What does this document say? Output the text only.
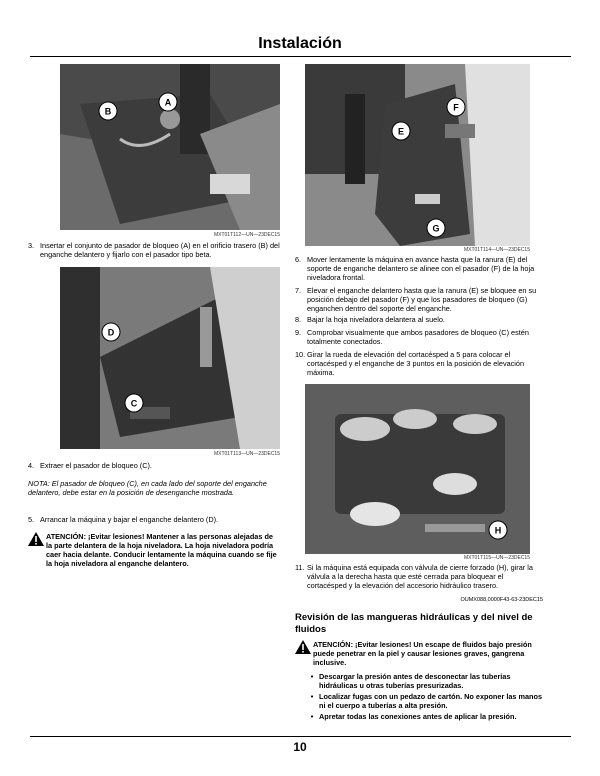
Instalación
B
A
MXT01T112—UN—23DEC15
3. Insertar el conjunto de pasador de bloqueo (A) en el orificio trasero (B) del enganche delantero y fijarlo con el pasador tipo beta.
D
C
MXT01T113—UN—23DEC15
4. Extraer el pasador de bloqueo (C).
NOTA: El pasador de bloqueo (C), en cada lado del soporte del enganche delantero, debe estar en la posición de desenganche mostrada.
5. Arrancar la máquina y bajar el enganche delantero (D).
ATENCIÓN: ¡Evitar lesiones! Mantener a las personas alejadas de la parte delantera de la hoja niveladora. La hoja niveladora podría caer hacia delante. Conducir lentamente la máquina cuando se fije la hoja niveladora al enganche delantero.
F
E
G
MXT01T114—UN—23DEC15
6. Mover lentamente la máquina en avance hasta que la ranura (E) del soporte de enganche delantero se alinee con el pasador (F) de la hoja niveladora frontal.
7. Elevar el enganche delantero hasta que la ranura (E) se bloquee en su posición debajo del pasador (F) y que los pasadores de bloqueo (G) enganchen dentro del soporte del enganche.
8. Bajar la hoja niveladora delantera al suelo.
9. Comprobar visualmente que ambos pasadores de bloqueo (C) estén totalmente conectados.
10. Girar la rueda de elevación del cortacésped a 5 para colocar el cortacésped y el enganche de 3 puntos en la posición de elevación máxima.
H
MXT01T115—UN—23DEC15
11. Si la máquina está equipada con válvula de cierre forzado (H), girar la válvula a la derecha hasta que esté cerrada para bloquear el cortacésped y la elevación del accesorio hidráulico trasero.
OUMX088,0000F43-63-23DEC15
Revisión de las mangueras hidráulicas y del nivel de fluidos
ATENCIÓN: ¡Evitar lesiones! Un escape de fluidos bajo presión puede penetrar en la piel y causar lesiones graves, gangrena inclusive.
• Descargar la presión antes de desconectar las tuberías hidráulicas u otras tuberías presurizadas.
• Localizar fugas con un pedazo de cartón. No exponer las manos ni el cuerpo a tuberías a alta presión.
• Apretar todas las conexiones antes de aplicar la presión.
10
